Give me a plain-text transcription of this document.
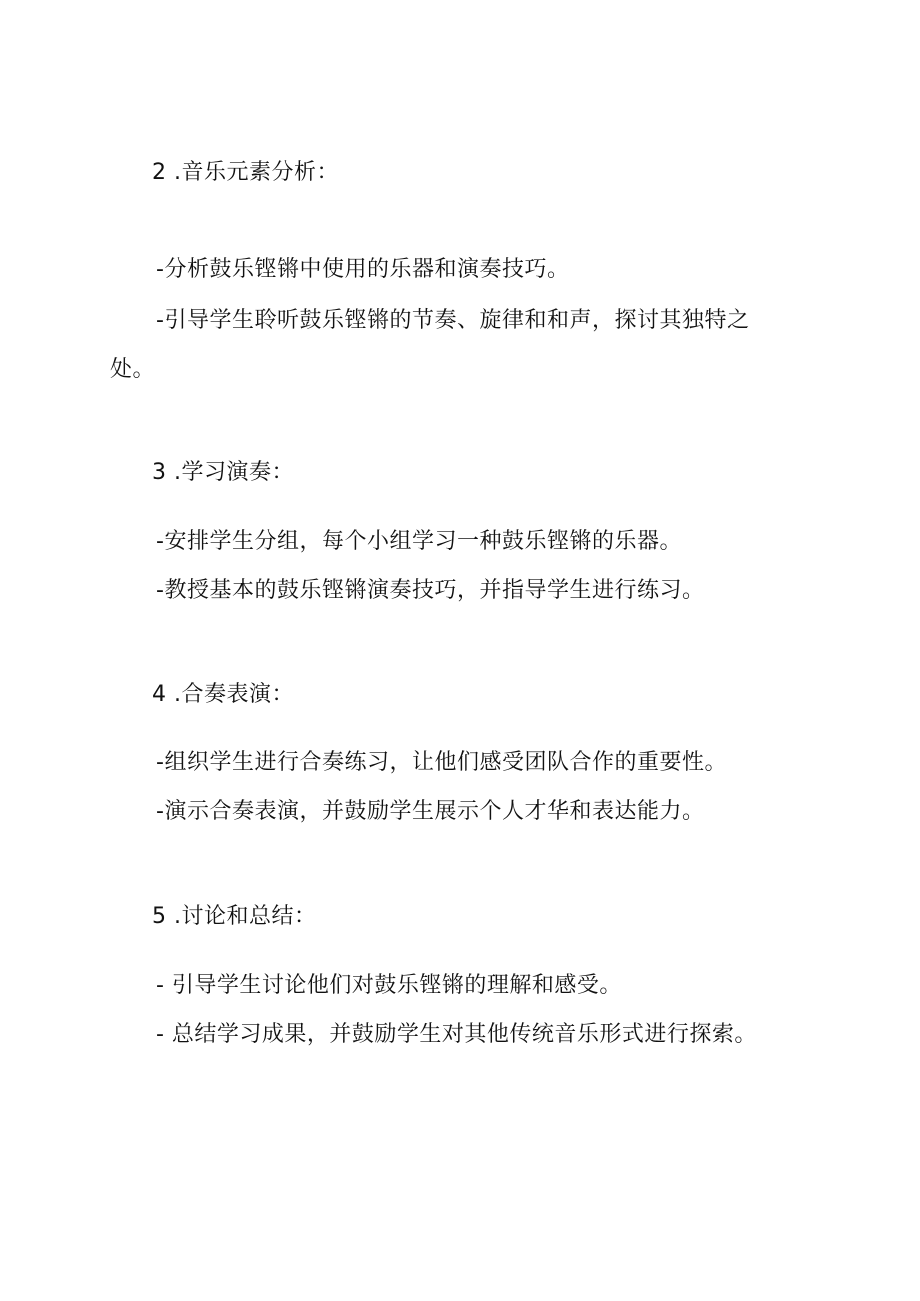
2 .音乐元素分析：
-分析鼓乐铿锵中使用的乐器和演奏技巧。
-引导学生聆听鼓乐铿锵的节奏、旋律和和声，探讨其独特之
处。
3 .学习演奏：
-安排学生分组，每个小组学习一种鼓乐铿锵的乐器。
-教授基本的鼓乐铿锵演奏技巧，并指导学生进行练习。
4 .合奏表演：
-组织学生进行合奏练习，让他们感受团队合作的重要性。
-演示合奏表演，并鼓励学生展示个人才华和表达能力。
5 .讨论和总结：
- 引导学生讨论他们对鼓乐铿锵的理解和感受。
- 总结学习成果，并鼓励学生对其他传统音乐形式进行探索。
